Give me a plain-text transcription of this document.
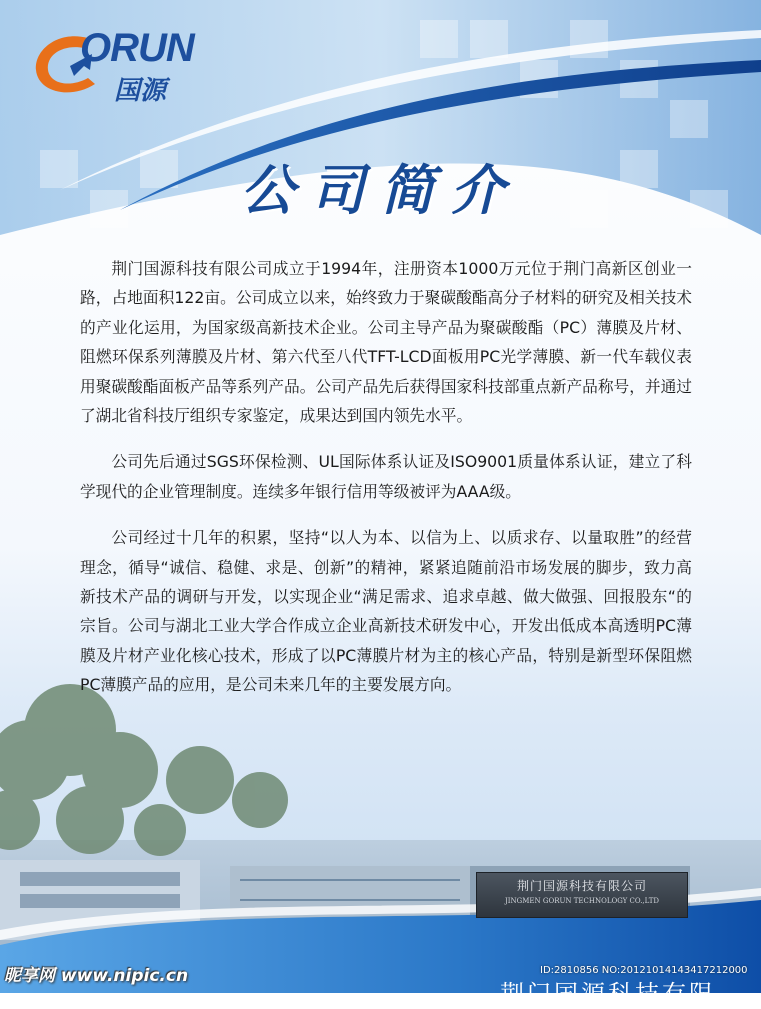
ORUN
国源
公司简介

荆门国源科技有限公司成立于1994年，注册资本1000万元位于荆门高新区创业一路，占地面积122亩。公司成立以来，始终致力于聚碳酸酯高分子材料的研究及相关技术的产业化运用，为国家级高新技术企业。公司主导产品为聚碳酸酯（PC）薄膜及片材、阻燃环保系列薄膜及片材、第六代至八代TFT-LCD面板用PC光学薄膜、新一代车载仪表用聚碳酸酯面板产品等系列产品。公司产品先后获得国家科技部重点新产品称号，并通过了湖北省科技厅组织专家鉴定，成果达到国内领先水平。

公司先后通过SGS环保检测、UL国际体系认证及ISO9001质量体系认证，建立了科学现代的企业管理制度。连续多年银行信用等级被评为AAA级。

公司经过十几年的积累，坚持“以人为本、以信为上、以质求存、以量取胜”的经营理念，循导“诚信、稳健、求是、创新”的精神，紧紧追随前沿市场发展的脚步，致力高新技术产品的调研与开发，以实现企业“满足需求、追求卓越、做大做强、回报股东“的宗旨。公司与湖北工业大学合作成立企业高新技术研发中心，开发出低成本高透明PC薄膜及片材产业化核心技术，形成了以PC薄膜片材为主的核心产品，特别是新型环保阻燃PC薄膜产品的应用，是公司未来几年的主要发展方向。

荆门国源科技有限公司
JINGMEN GORUN TECHNOLOGY CO.,LTD
荆门国源科技有限
昵享网 www.nipic.cn	ID:2810856 NO:20121014143417212000
